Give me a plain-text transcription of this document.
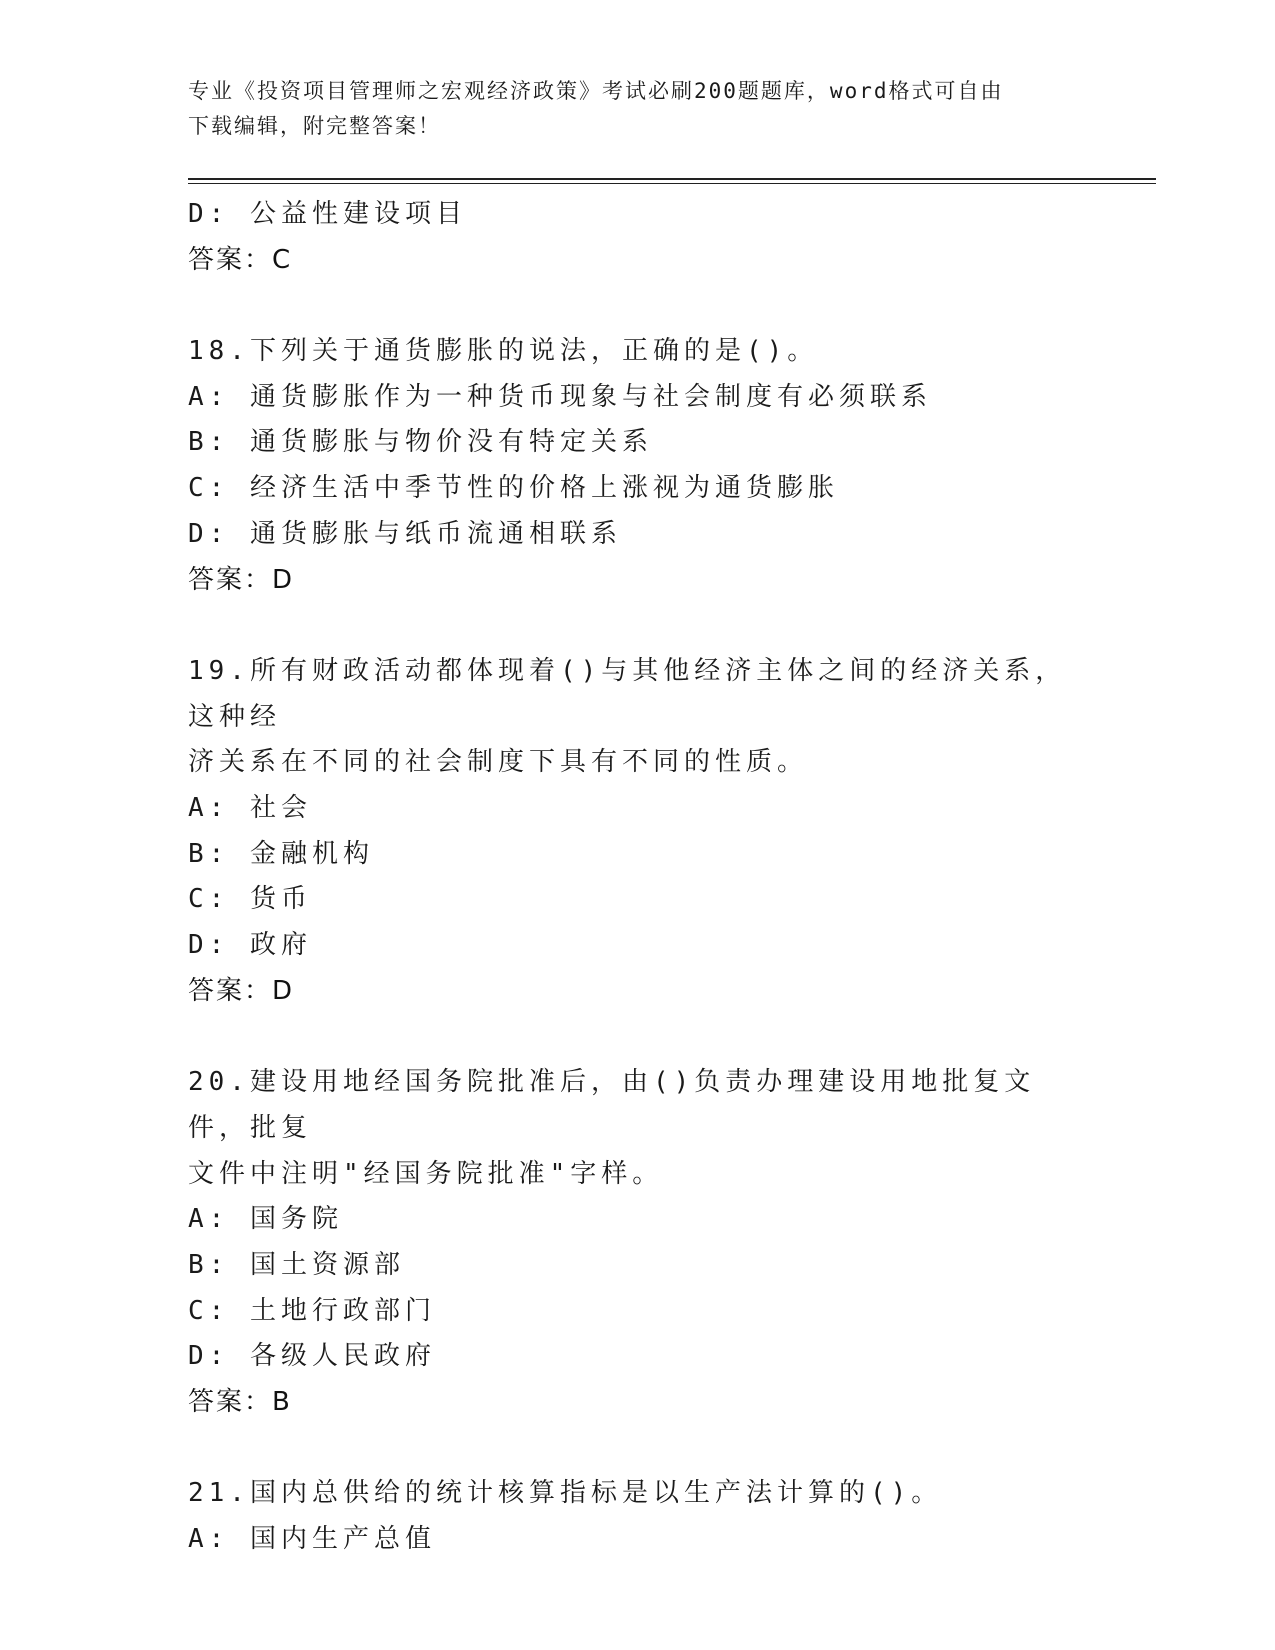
专业《投资项目管理师之宏观经济政策》考试必刷200题题库，word格式可自由
下载编辑，附完整答案！
D: 公益性建设项目
答案：C
18.下列关于通货膨胀的说法，正确的是()。
A: 通货膨胀作为一种货币现象与社会制度有必须联系
B: 通货膨胀与物价没有特定关系
C: 经济生活中季节性的价格上涨视为通货膨胀
D: 通货膨胀与纸币流通相联系
答案：D
19.所有财政活动都体现着()与其他经济主体之间的经济关系，这种经
济关系在不同的社会制度下具有不同的性质。
A: 社会
B: 金融机构
C: 货币
D: 政府
答案：D
20.建设用地经国务院批准后，由()负责办理建设用地批复文件，批复
文件中注明"经国务院批准"字样。
A: 国务院
B: 国土资源部
C: 土地行政部门
D: 各级人民政府
答案：B
21.国内总供给的统计核算指标是以生产法计算的()。
A: 国内生产总值
